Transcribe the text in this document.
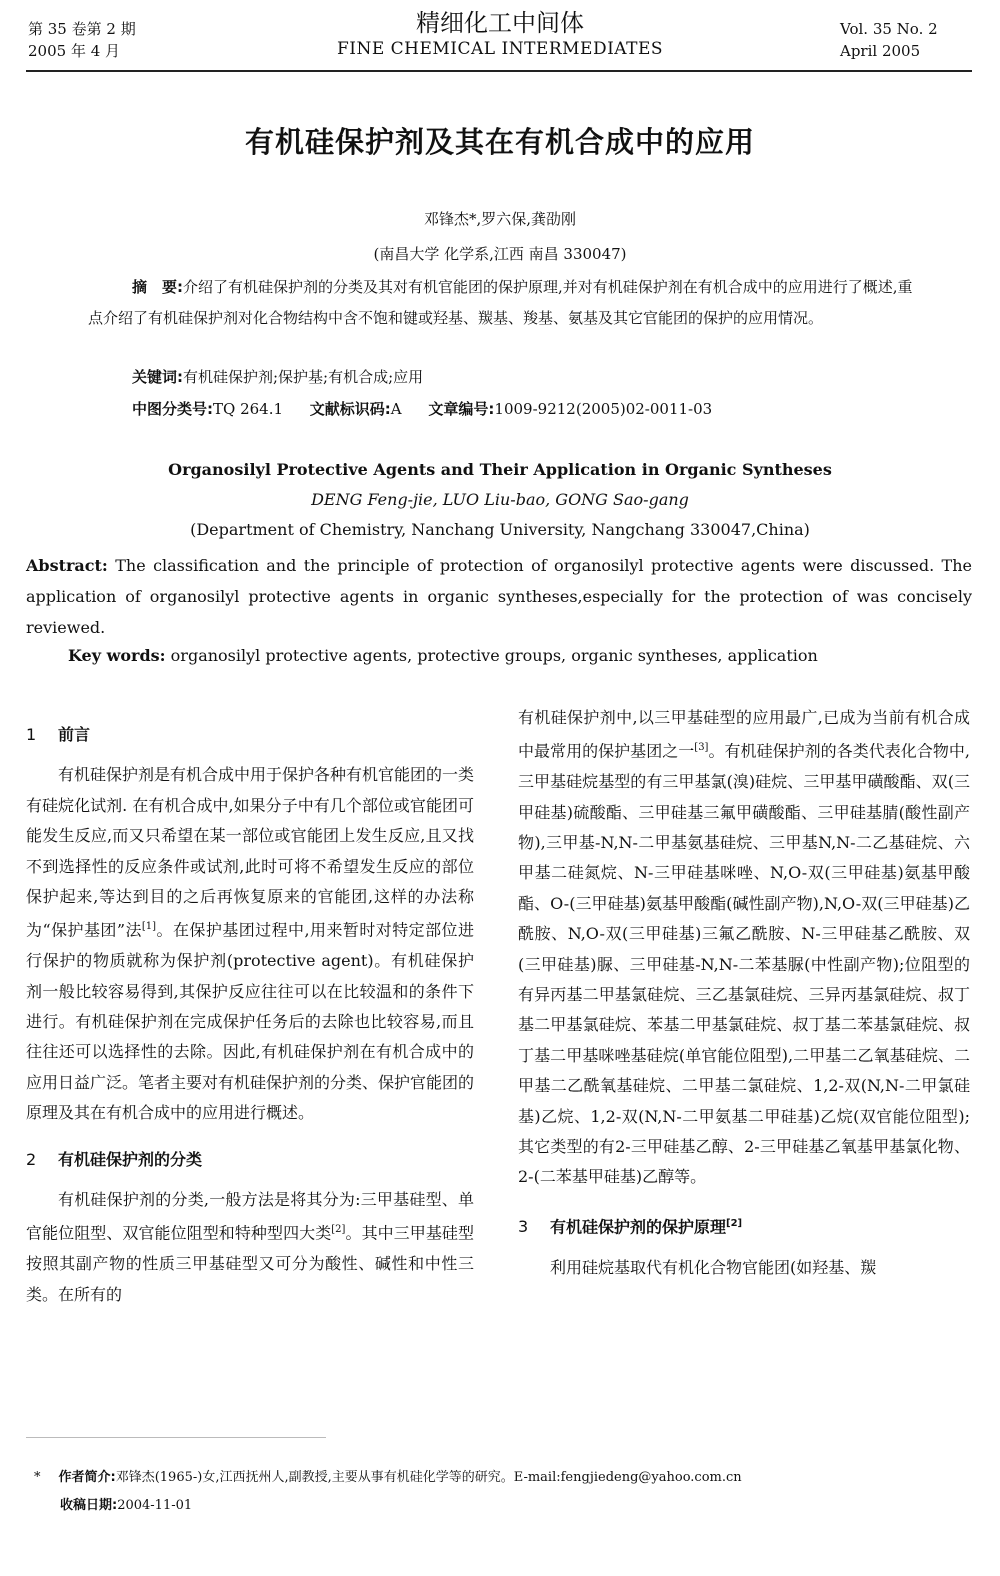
第 35 卷第 2 期
2005 年 4 月
精细化工中间体
FINE CHEMICAL INTERMEDIATES
Vol. 35 No. 2
April 2005
有机硅保护剂及其在有机合成中的应用
邓锋杰*,罗六保,龚劭刚
(南昌大学 化学系,江西 南昌 330047)

摘　要:介绍了有机硅保护剂的分类及其对有机官能团的保护原理,并对有机硅保护剂在有机合成中的应用进行了概述,重点介绍了有机硅保护剂对化合物结构中含不饱和键或羟基、羰基、羧基、氨基及其它官能团的保护的应用情况。

关键词:有机硅保护剂;保护基;有机合成;应用
中图分类号:TQ 264.1 文献标识码:A 文章编号:1009-9212(2005)02-0011-03
Organosilyl Protective Agents and Their Application in Organic Syntheses
DENG Feng-jie, LUO Liu-bao, GONG Sao-gang
(Department of Chemistry, Nanchang University, Nangchang 330047,China)
Abstract: The classification and the principle of protection of organosilyl protective agents were discussed. The application of organosilyl protective agents in organic syntheses,especially for the protection of was concisely reviewed.
Key words: organosilyl protective agents, protective groups, organic syntheses, application

1 前言

有机硅保护剂是有机合成中用于保护各种有机官能团的一类有硅烷化试剂. 在有机合成中,如果分子中有几个部位或官能团可能发生反应,而又只希望在某一部位或官能团上发生反应,且又找不到选择性的反应条件或试剂,此时可将不希望发生反应的部位保护起来,等达到目的之后再恢复原来的官能团,这样的办法称为“保护基团”法[1]。在保护基团过程中,用来暂时对特定部位进行保护的物质就称为保护剂(protective agent)。有机硅保护剂一般比较容易得到,其保护反应往往可以在比较温和的条件下进行。有机硅保护剂在完成保护任务后的去除也比较容易,而且往往还可以选择性的去除。因此,有机硅保护剂在有机合成中的应用日益广泛。笔者主要对有机硅保护剂的分类、保护官能团的原理及其在有机合成中的应用进行概述。

2 有机硅保护剂的分类

有机硅保护剂的分类,一般方法是将其分为:三甲基硅型、单官能位阻型、双官能位阻型和特种型四大类[2]。其中三甲基硅型按照其副产物的性质三甲基硅型又可分为酸性、碱性和中性三类。在所有的

有机硅保护剂中,以三甲基硅型的应用最广,已成为当前有机合成中最常用的保护基团之一[3]。有机硅保护剂的各类代表化合物中,三甲基硅烷基型的有三甲基氯(溴)硅烷、三甲基甲磺酸酯、双(三甲硅基)硫酸酯、三甲硅基三氟甲磺酸酯、三甲硅基腈(酸性副产物),三甲基-N,N-二甲基氨基硅烷、三甲基N,N-二乙基硅烷、六甲基二硅氮烷、N-三甲硅基咪唑、N,O-双(三甲硅基)氨基甲酸酯、O-(三甲硅基)氨基甲酸酯(碱性副产物),N,O-双(三甲硅基)乙酰胺、N,O-双(三甲硅基)三氟乙酰胺、N-三甲硅基乙酰胺、双(三甲硅基)脲、三甲硅基-N,N-二苯基脲(中性副产物);位阻型的有异丙基二甲基氯硅烷、三乙基氯硅烷、三异丙基氯硅烷、叔丁基二甲基氯硅烷、苯基二甲基氯硅烷、叔丁基二苯基氯硅烷、叔丁基二甲基咪唑基硅烷(单官能位阻型),二甲基二乙氧基硅烷、二甲基二乙酰氧基硅烷、二甲基二氯硅烷、1,2-双(N,N-二甲氯硅基)乙烷、1,2-双(N,N-二甲氨基二甲硅基)乙烷(双官能位阻型);其它类型的有2-三甲硅基乙醇、2-三甲硅基乙氧基甲基氯化物、2-(二苯基甲硅基)乙醇等。

3 有机硅保护剂的保护原理[2]

利用硅烷基取代有机化合物官能团(如羟基、羰

* 作者简介:邓锋杰(1965-)女,江西抚州人,副教授,主要从事有机硅化学等的研究。E-mail:fengjiedeng@yahoo.com.cn
收稿日期:2004-11-01
